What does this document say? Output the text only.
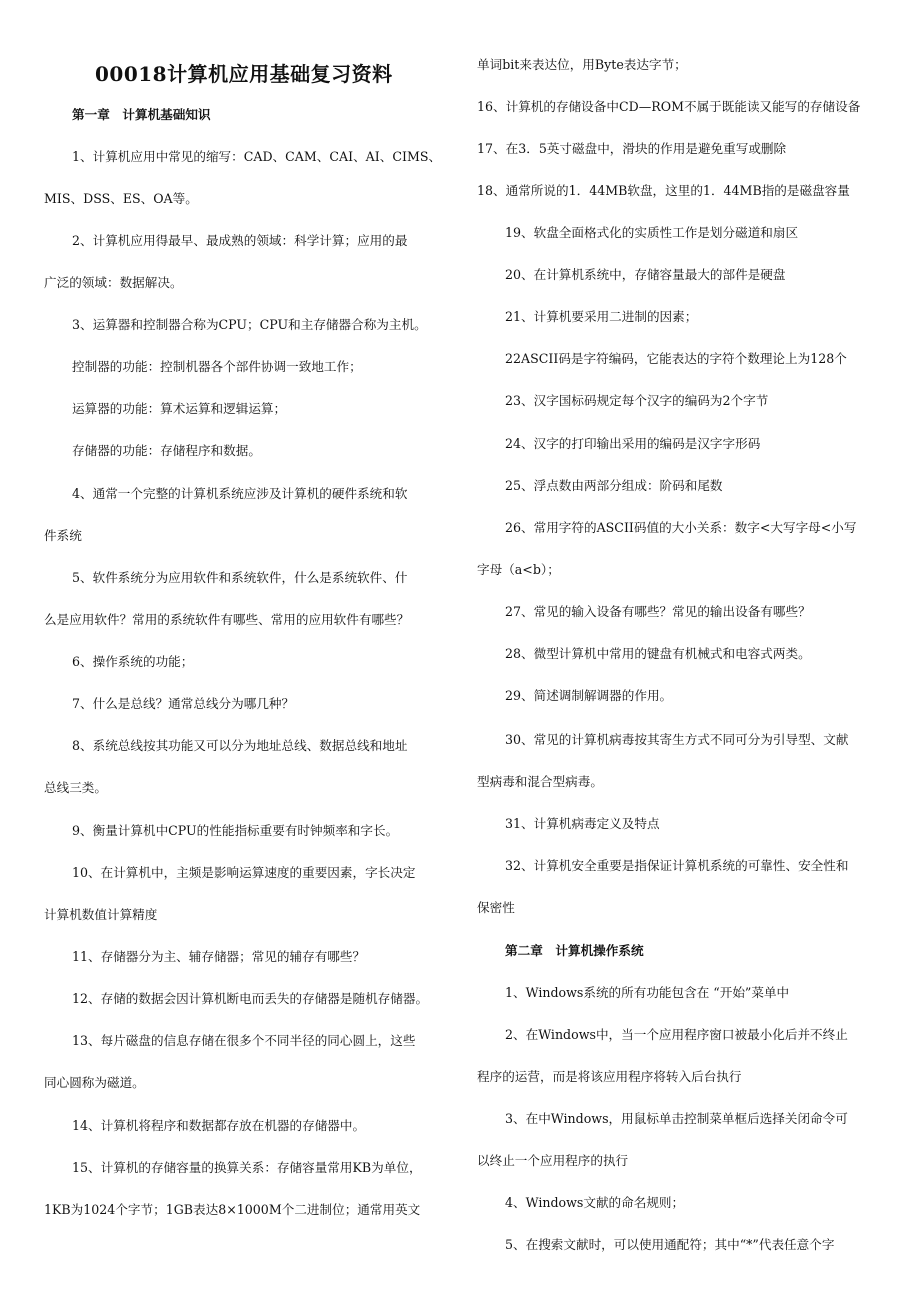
00018计算机应用基础复习资料
第一章　计算机基础知识
1、计算机应用中常见的缩写：CAD、CAM、CAI、AI、CIMS、
MIS、DSS、ES、OA等。
2、计算机应用得最早、最成熟的领域：科学计算；应用的最
广泛的领域：数据解决。
3、运算器和控制器合称为CPU；CPU和主存储器合称为主机。
控制器的功能：控制机器各个部件协调一致地工作；
运算器的功能：算术运算和逻辑运算；
存储器的功能：存储程序和数据。
4、通常一个完整的计算机系统应涉及计算机的硬件系统和软
件系统
5、软件系统分为应用软件和系统软件，什么是系统软件、什
么是应用软件？常用的系统软件有哪些、常用的应用软件有哪些？
6、操作系统的功能；
7、什么是总线？通常总线分为哪几种？
8、系统总线按其功能又可以分为地址总线、数据总线和地址
总线三类。
9、衡量计算机中CPU的性能指标重要有时钟频率和字长。
10、在计算机中，主频是影响运算速度的重要因素，字长决定
计算机数值计算精度
11、存储器分为主、辅存储器；常见的辅存有哪些？
12、存储的数据会因计算机断电而丢失的存储器是随机存储器。
13、每片磁盘的信息存储在很多个不同半径的同心圆上，这些
同心圆称为磁道。
14、计算机将程序和数据都存放在机器的存储器中。
15、计算机的存储容量的换算关系：存储容量常用KB为单位，
1KB为1024个字节；1GB表达8×1000M个二进制位；通常用英文
单词bit来表达位，用Byte表达字节；
16、计算机的存储设备中CD—ROM不属于既能读又能写的存储设备
17、在3．5英寸磁盘中，滑块的作用是避免重写或删除
18、通常所说的1．44MB软盘，这里的1．44MB指的是磁盘容量
19、软盘全面格式化的实质性工作是划分磁道和扇区
20、在计算机系统中，存储容量最大的部件是硬盘
21、计算机要采用二进制的因素；
22ASCII码是字符编码，它能表达的字符个数理论上为128个
23、汉字国标码规定每个汉字的编码为2个字节
24、汉字的打印输出采用的编码是汉字字形码
25、浮点数由两部分组成：阶码和尾数
26、常用字符的ASCII码值的大小关系：数字<大写字母<小写
字母（a<b）；
27、常见的输入设备有哪些？常见的输出设备有哪些？
28、微型计算机中常用的键盘有机械式和电容式两类。
29、简述调制解调器的作用。
30、常见的计算机病毒按其寄生方式不同可分为引导型、文献
型病毒和混合型病毒。
31、计算机病毒定义及特点
32、计算机安全重要是指保证计算机系统的可靠性、安全性和
保密性
第二章　计算机操作系统
1、Windows系统的所有功能包含在 “开始”菜单中
2、在Windows中，当一个应用程序窗口被最小化后并不终止
程序的运营，而是将该应用程序将转入后台执行
3、在中Windows，用鼠标单击控制菜单框后选择关闭命令可
以终止一个应用程序的执行
4、Windows文献的命名规则；
5、在搜索文献时，可以使用通配符；其中“*”代表任意个字
